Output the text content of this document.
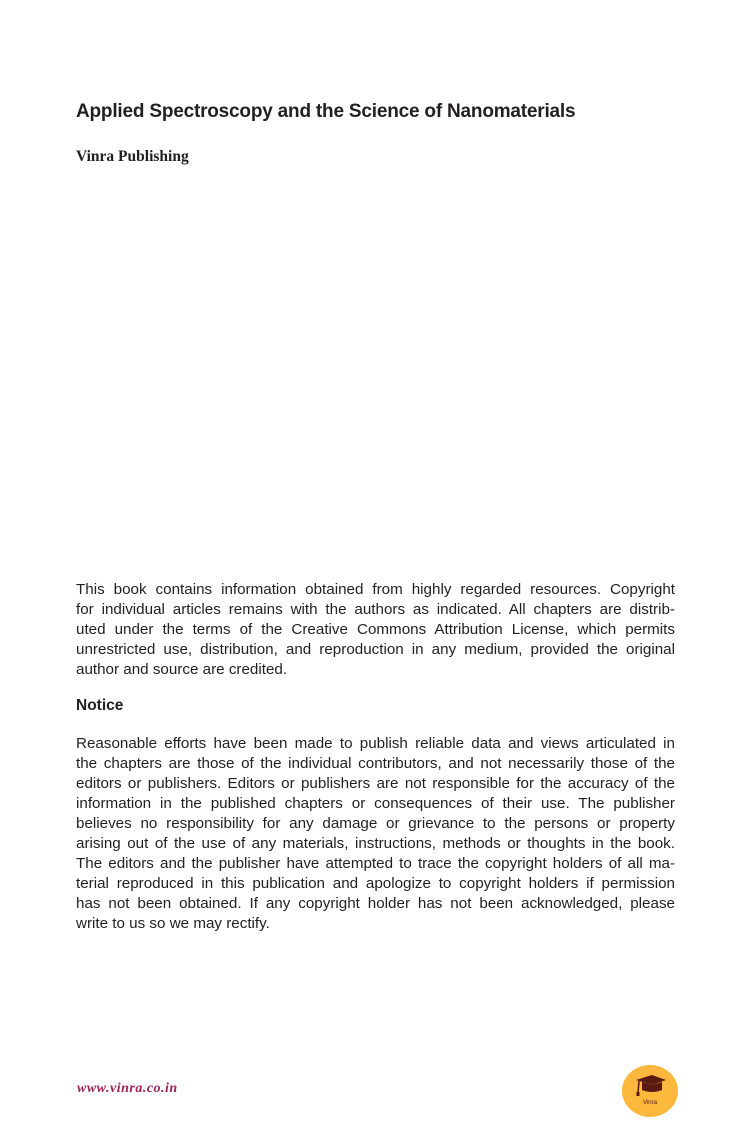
Applied Spectroscopy and the Science of Nanomaterials
Vinra Publishing
This book contains information obtained from highly regarded resources. Copyright
for individual articles remains with the authors as indicated. All chapters are distrib-
uted under the terms of the Creative Commons Attribution License, which permits
unrestricted use, distribution, and reproduction in any medium, provided the original
author and source are credited.
Notice
Reasonable efforts have been made to publish reliable data and views articulated in
the chapters are those of the individual contributors, and not necessarily those of the
editors or publishers. Editors or publishers are not responsible for the accuracy of the
information in the published chapters or consequences of their use. The publisher
believes no responsibility for any damage or grievance to the persons or property
arising out of the use of any materials, instructions, methods or thoughts in the book.
The editors and the publisher have attempted to trace the copyright holders of all ma-
terial reproduced in this publication and apologize to copyright holders if permission
has not been obtained. If any copyright holder has not been acknowledged, please
write to us so we may rectify.
www.vinra.co.in
Vinra
